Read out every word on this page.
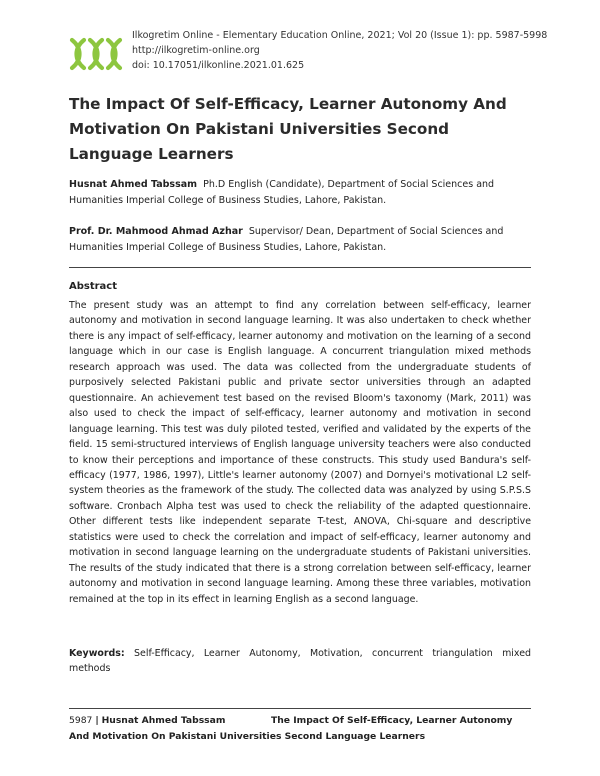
Ilkogretim Online - Elementary Education Online, 2021; Vol 20 (Issue 1): pp. 5987-5998
http://ilkogretim-online.org
doi: 10.17051/ilkonline.2021.01.625
The Impact Of Self-Efficacy, Learner Autonomy And Motivation On Pakistani Universities Second Language Learners
Husnat Ahmed Tabssam Ph.D English (Candidate), Department of Social Sciences and Humanities Imperial College of Business Studies, Lahore, Pakistan.
Prof. Dr. Mahmood Ahmad Azhar Supervisor/ Dean, Department of Social Sciences and Humanities Imperial College of Business Studies, Lahore, Pakistan.
Abstract

The present study was an attempt to find any correlation between self-efficacy, learner autonomy and motivation in second language learning. It was also undertaken to check whether there is any impact of self-efficacy, learner autonomy and motivation on the learning of a second language which in our case is English language. A concurrent triangulation mixed methods research approach was used. The data was collected from the undergraduate students of purposively selected Pakistani public and private sector universities through an adapted questionnaire. An achievement test based on the revised Bloom's taxonomy (Mark, 2011) was also used to check the impact of self-efficacy, learner autonomy and motivation in second language learning. This test was duly piloted tested, verified and validated by the experts of the field. 15 semi-structured interviews of English language university teachers were also conducted to know their perceptions and importance of these constructs. This study used Bandura's self-efficacy (1977, 1986, 1997), Little's learner autonomy (2007) and Dornyei's motivational L2 self-system theories as the framework of the study. The collected data was analyzed by using S.P.S.S software. Cronbach Alpha test was used to check the reliability of the adapted questionnaire. Other different tests like independent separate T-test, ANOVA, Chi-square and descriptive statistics were used to check the correlation and impact of self-efficacy, learner autonomy and motivation in second language learning on the undergraduate students of Pakistani universities. The results of the study indicated that there is a strong correlation between self-efficacy, learner autonomy and motivation in second language learning. Among these three variables, motivation remained at the top in its effect in learning English as a second language.

Keywords: Self-Efficacy, Learner Autonomy, Motivation, concurrent triangulation mixed methods
5987 | Husnat Ahmed Tabssam	The Impact Of Self-Efficacy, Learner Autonomy
And Motivation On Pakistani Universities Second Language Learners
